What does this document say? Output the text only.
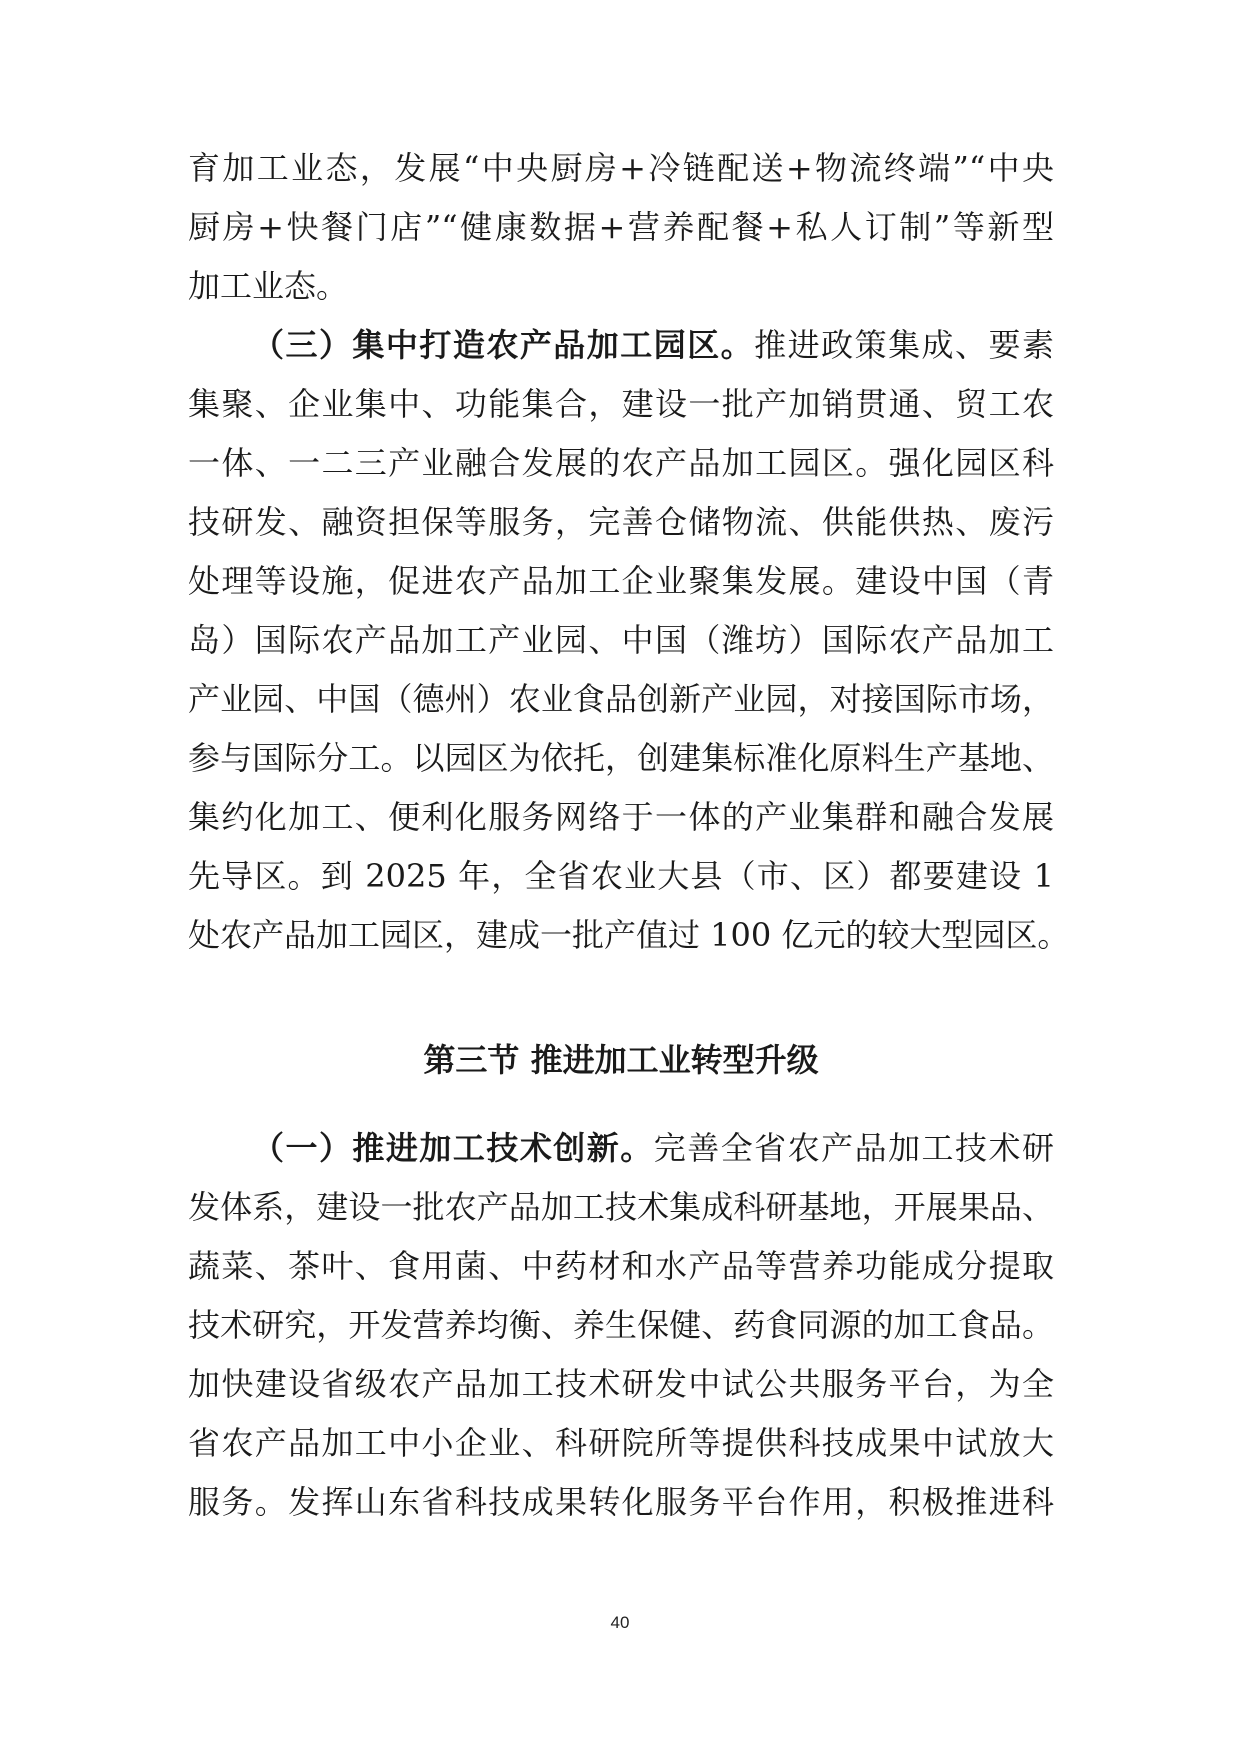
育加工业态，发展“中央厨房+冷链配送+物流终端”“中央
厨房+快餐门店”“健康数据+营养配餐+私人订制”等新型
加工业态。
（三）集中打造农产品加工园区。推进政策集成、要素
集聚、企业集中、功能集合，建设一批产加销贯通、贸工农
一体、一二三产业融合发展的农产品加工园区。强化园区科
技研发、融资担保等服务，完善仓储物流、供能供热、废污
处理等设施，促进农产品加工企业聚集发展。建设中国（青
岛）国际农产品加工产业园、中国（潍坊）国际农产品加工
产业园、中国（德州）农业食品创新产业园，对接国际市场，
参与国际分工。以园区为依托，创建集标准化原料生产基地、
集约化加工、便利化服务网络于一体的产业集群和融合发展
先导区。到 2025 年，全省农业大县（市、区）都要建设 1
处农产品加工园区，建成一批产值过 100 亿元的较大型园区。
第三节 推进加工业转型升级
（一）推进加工技术创新。完善全省农产品加工技术研
发体系，建设一批农产品加工技术集成科研基地，开展果品、
蔬菜、茶叶、食用菌、中药材和水产品等营养功能成分提取
技术研究，开发营养均衡、养生保健、药食同源的加工食品。
加快建设省级农产品加工技术研发中试公共服务平台，为全
省农产品加工中小企业、科研院所等提供科技成果中试放大
服务。发挥山东省科技成果转化服务平台作用，积极推进科
40
